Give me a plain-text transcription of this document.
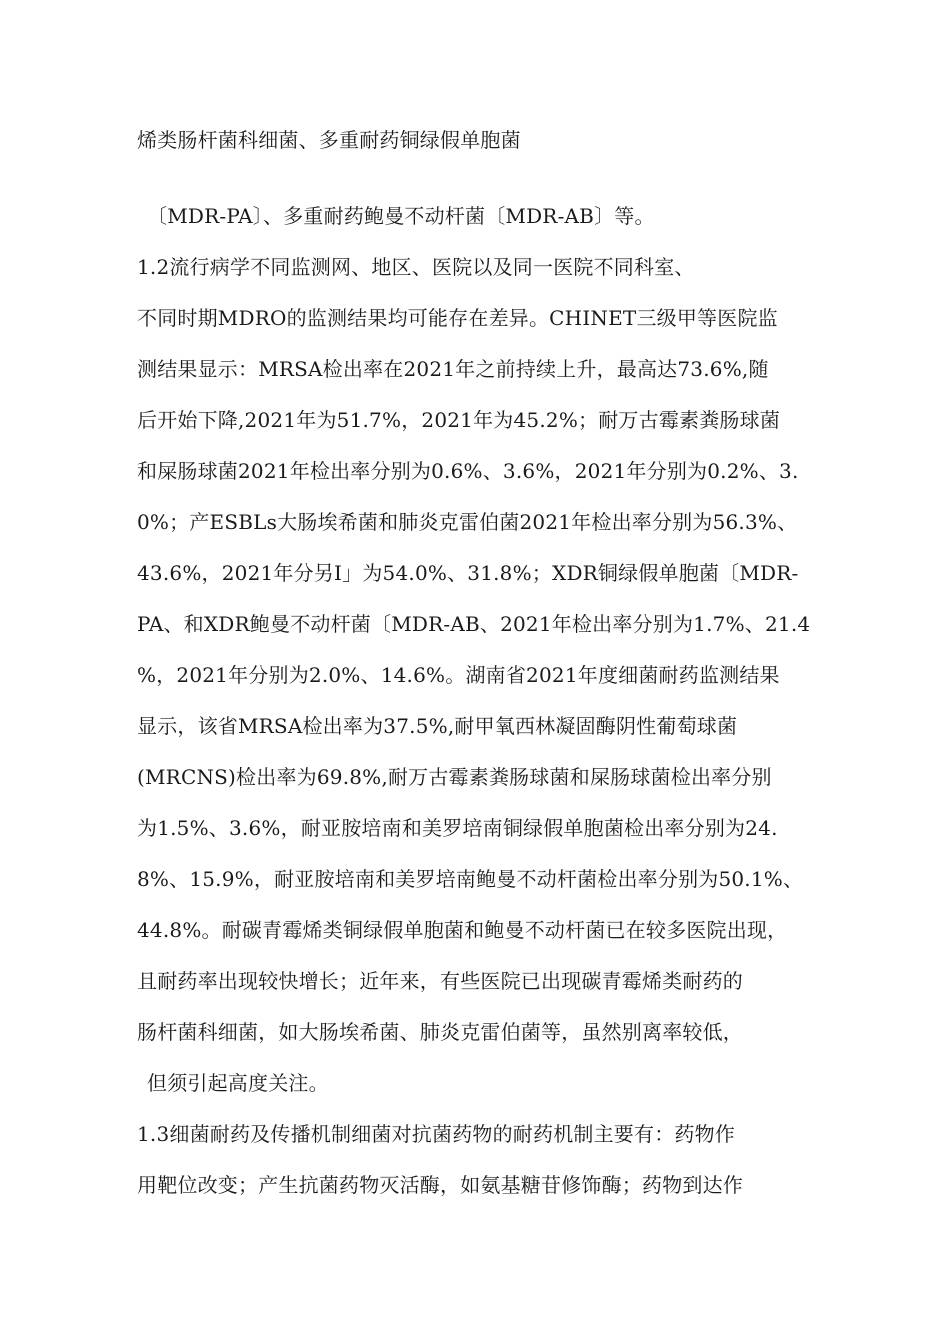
烯类肠杆菌科细菌、多重耐药铜绿假单胞菌
〔MDR-PA〕、多重耐药鲍曼不动杆菌〔MDR-AB〕等。
1.2流行病学不同监测网、地区、医院以及同一医院不同科室、
不同时期MDRO的监测结果均可能存在差异。CHINET三级甲等医院监
测结果显示：MRSA检出率在2021年之前持续上升，最高达73.6%,随
后开始下降,2021年为51.7%，2021年为45.2%；耐万古霉素粪肠球菌
和屎肠球菌2021年检出率分别为0.6%、3.6%，2021年分别为0.2%、3.
0%；产ESBLs大肠埃希菌和肺炎克雷伯菌2021年检出率分别为56.3%、
43.6%，2021年分另I」为54.0%、31.8%；XDR铜绿假单胞菌〔MDR-
PA、和XDR鲍曼不动杆菌〔MDR-AB、2021年检出率分别为1.7%、21.4
%，2021年分别为2.0%、14.6%。湖南省2021年度细菌耐药监测结果
显示，该省MRSA检出率为37.5%,耐甲氧西林凝固酶阴性葡萄球菌
(MRCNS)检出率为69.8%,耐万古霉素粪肠球菌和屎肠球菌检出率分别
为1.5%、3.6%，耐亚胺培南和美罗培南铜绿假单胞菌检出率分别为24.
8%、15.9%，耐亚胺培南和美罗培南鲍曼不动杆菌检出率分别为50.1%、
44.8%。耐碳青霉烯类铜绿假单胞菌和鲍曼不动杆菌已在较多医院出现，
且耐药率出现较快增长；近年来，有些医院已出现碳青霉烯类耐药的
肠杆菌科细菌，如大肠埃希菌、肺炎克雷伯菌等，虽然别离率较低，
但须引起高度关注。
1.3细菌耐药及传播机制细菌对抗菌药物的耐药机制主要有：药物作
用靶位改变；产生抗菌药物灭活酶，如氨基糖苷修饰酶；药物到达作
